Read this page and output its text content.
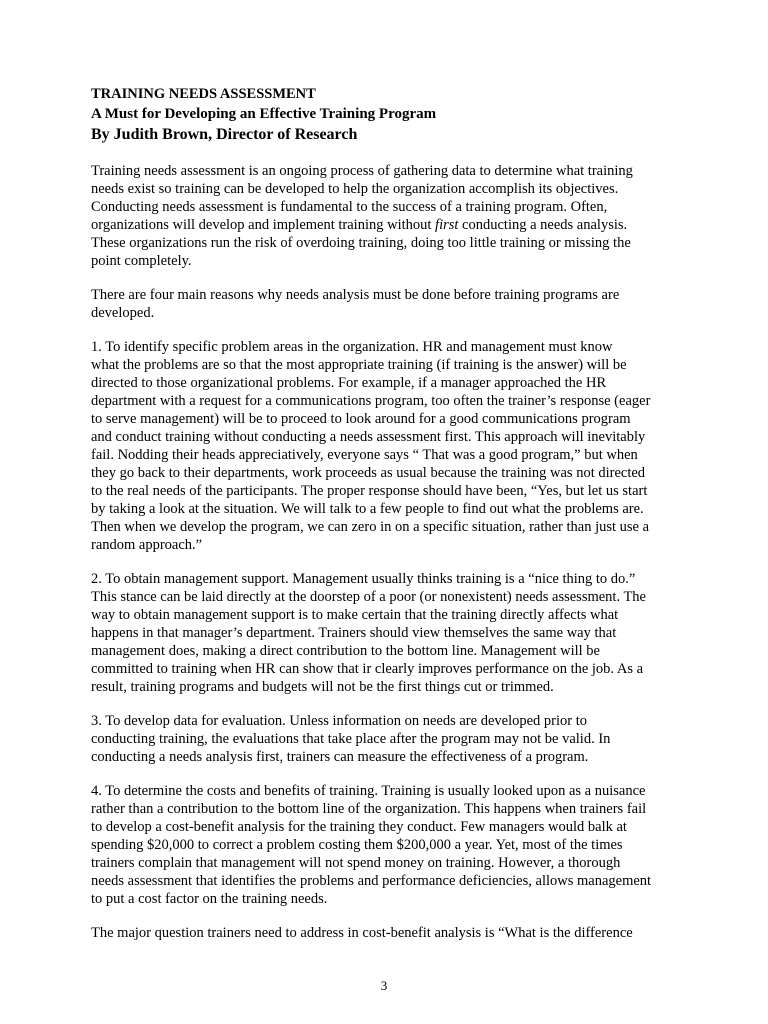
TRAINING NEEDS ASSESSMENT
A Must for Developing an Effective Training Program
By Judith Brown, Director of Research
Training needs assessment is an ongoing process of gathering data to determine what training
needs exist so training can be developed to help the organization accomplish its objectives.
Conducting needs assessment is fundamental to the success of a training program. Often,
organizations will develop and implement training without first conducting a needs analysis.
These organizations run the risk of overdoing training, doing too little training or missing the
point completely.
There are four main reasons why needs analysis must be done before training programs are
developed.
1. To identify specific problem areas in the organization. HR and management must know
what the problems are so that the most appropriate training (if training is the answer) will be
directed to those organizational problems. For example, if a manager approached the HR
department with a request for a communications program, too often the trainer’s response (eager
to serve management) will be to proceed to look around for a good communications program
and conduct training without conducting a needs assessment first. This approach will inevitably
fail. Nodding their heads appreciatively, everyone says “ That was a good program,” but when
they go back to their departments, work proceeds as usual because the training was not directed
to the real needs of the participants. The proper response should have been, “Yes, but let us start
by taking a look at the situation. We will talk to a few people to find out what the problems are.
Then when we develop the program, we can zero in on a specific situation, rather than just use a
random approach.”
2. To obtain management support. Management usually thinks training is a “nice thing to do.”
This stance can be laid directly at the doorstep of a poor (or nonexistent) needs assessment. The
way to obtain management support is to make certain that the training directly affects what
happens in that manager’s department. Trainers should view themselves the same way that
management does, making a direct contribution to the bottom line. Management will be
committed to training when HR can show that ir clearly improves performance on the job. As a
result, training programs and budgets will not be the first things cut or trimmed.
3. To develop data for evaluation. Unless information on needs are developed prior to
conducting training, the evaluations that take place after the program may not be valid. In
conducting a needs analysis first, trainers can measure the effectiveness of a program.
4. To determine the costs and benefits of training. Training is usually looked upon as a nuisance
rather than a contribution to the bottom line of the organization. This happens when trainers fail
to develop a cost-benefit analysis for the training they conduct. Few managers would balk at
spending $20,000 to correct a problem costing them $200,000 a year. Yet, most of the times
trainers complain that management will not spend money on training. However, a thorough
needs assessment that identifies the problems and performance deficiencies, allows management
to put a cost factor on the training needs.
The major question trainers need to address in cost-benefit analysis is “What is the difference
3
